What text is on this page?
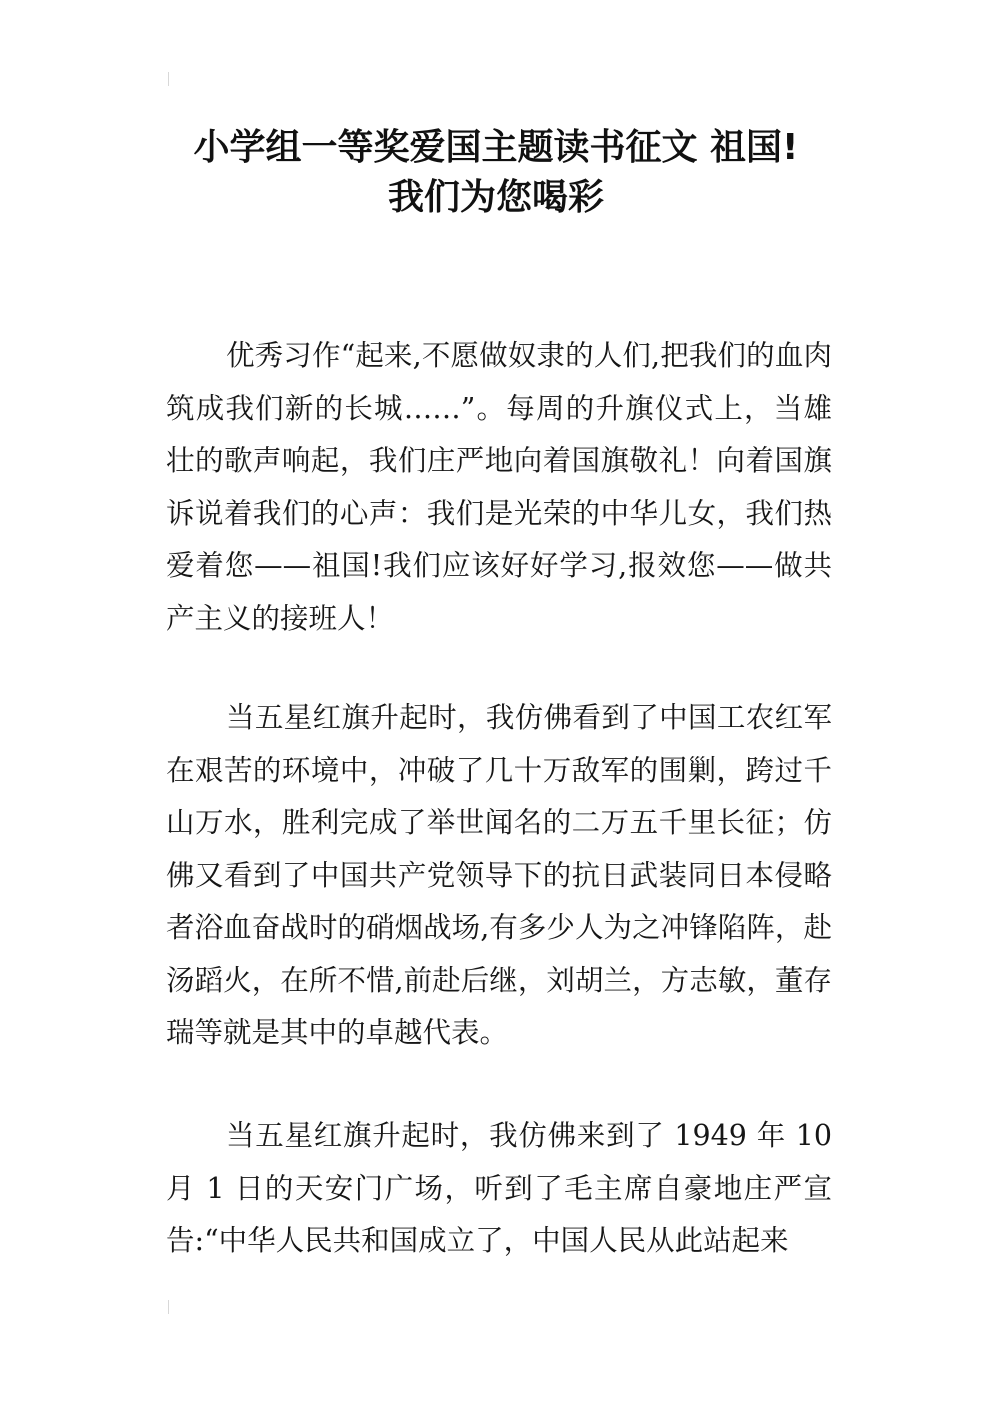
小学组一等奖爱国主题读书征文 祖国!
我们为您喝彩

优秀习作“起来,不愿做奴隶的人们,把我们的血肉筑成我们新的长城……”。每周的升旗仪式上，当雄壮的歌声响起，我们庄严地向着国旗敬礼！向着国旗诉说着我们的心声：我们是光荣的中华儿女，我们热爱着您——祖国!我们应该好好学习,报效您——做共产主义的接班人！

当五星红旗升起时，我仿佛看到了中国工农红军在艰苦的环境中，冲破了几十万敌军的围剿，跨过千山万水，胜利完成了举世闻名的二万五千里长征；仿佛又看到了中国共产党领导下的抗日武装同日本侵略者浴血奋战时的硝烟战场,有多少人为之冲锋陷阵，赴汤蹈火，在所不惜,前赴后继，刘胡兰，方志敏，董存瑞等就是其中的卓越代表。

当五星红旗升起时，我仿佛来到了 1949 年 10 月 1 日的天安门广场，听到了毛主席自豪地庄严宣告:“中华人民共和国成立了，中国人民从此站起来
